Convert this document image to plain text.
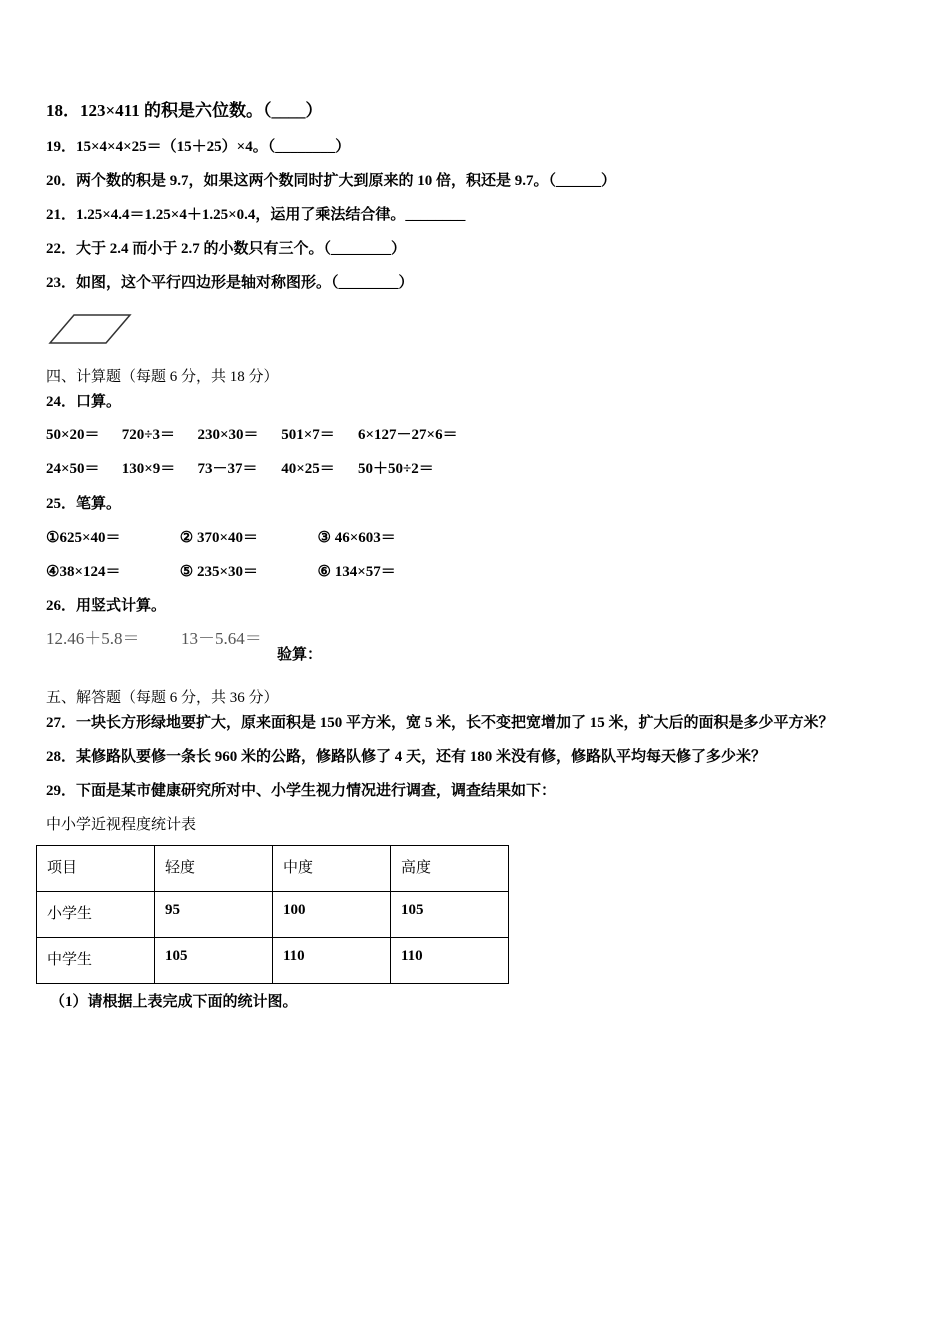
18．123×411 的积是六位数。（____）
19．15×4×4×25＝（15＋25）×4。（________）
20．两个数的积是 9.7，如果这两个数同时扩大到原来的 10 倍，积还是 9.7。（______）
21．1.25×4.4＝1.25×4＋1.25×0.4，运用了乘法结合律。________
22．大于 2.4 而小于 2.7 的小数只有三个。（________）
23．如图，这个平行四边形是轴对称图形。（________）
四、计算题（每题 6 分，共 18 分）
24．口算。
50×20＝ 720÷3＝ 230×30＝ 501×7＝ 6×127－27×6＝
24×50＝ 130×9＝ 73－37＝ 40×25＝ 50＋50÷2＝
25．笔算。
①625×40＝	② 370×40＝	③ 46×603＝
④38×124＝	⑤ 235×30＝	⑥ 134×57＝
26．用竖式计算。
12.46＋5.8＝ 13－5.64＝
验算：
五、解答题（每题 6 分，共 36 分）
27．一块长方形绿地要扩大，原来面积是 150 平方米，宽 5 米，长不变把宽增加了 15 米，扩大后的面积是多少平方米？
28．某修路队要修一条长 960 米的公路，修路队修了 4 天，还有 180 米没有修，修路队平均每天修了多少米？
29．下面是某市健康研究所对中、小学生视力情况进行调查，调查结果如下：
中小学近视程度统计表
项目	轻度	中度	高度

小学生	95	100	105

中学生	105	110	110
（1）请根据上表完成下面的统计图。
